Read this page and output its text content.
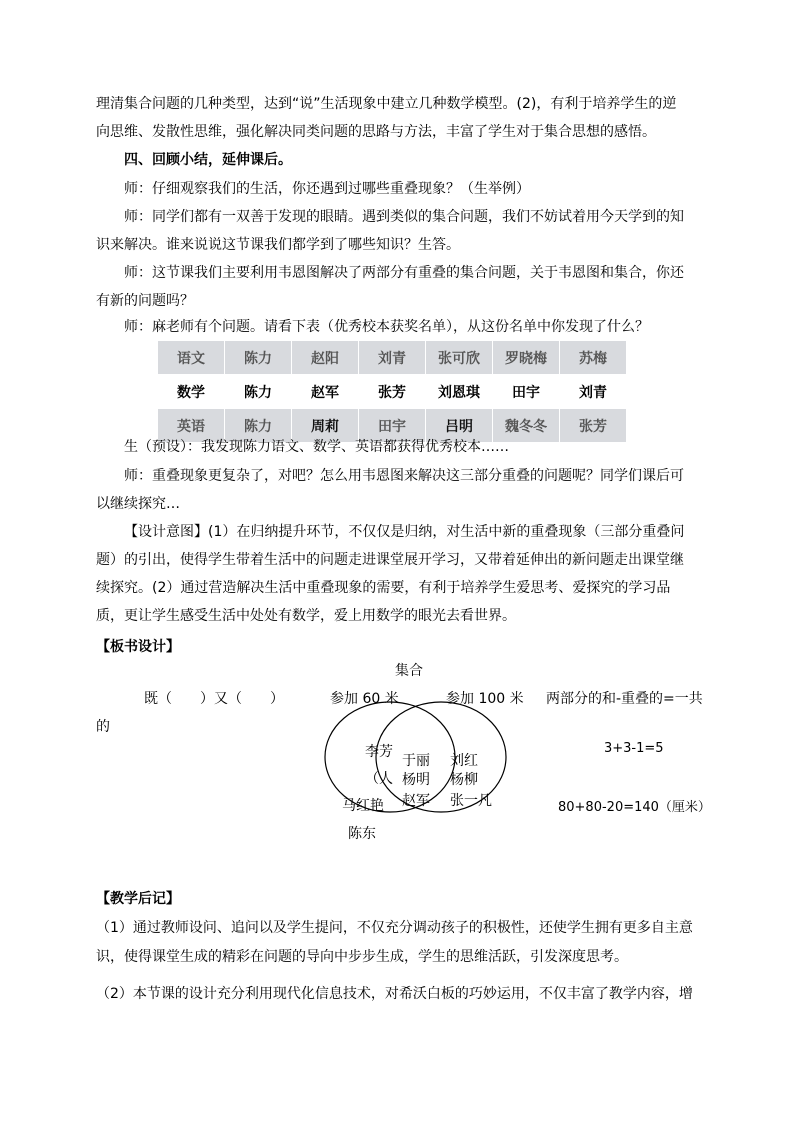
理清集合问题的几种类型，达到“说”生活现象中建立几种数学模型。(2)，有利于培养学生的逆

向思维、发散性思维，强化解决同类问题的思路与方法，丰富了学生对于集合思想的感悟。

四、回顾小结，延伸课后。

师：仔细观察我们的生活，你还遇到过哪些重叠现象？（生举例）

师：同学们都有一双善于发现的眼睛。遇到类似的集合问题，我们不妨试着用今天学到的知

识来解决。谁来说说这节课我们都学到了哪些知识？生答。

师：这节课我们主要利用韦恩图解决了两部分有重叠的集合问题，关于韦恩图和集合，你还

有新的问题吗？

师：麻老师有个问题。请看下表（优秀校本获奖名单），从这份名单中你发现了什么？

语文	陈力	赵阳	刘青	张可欣	罗晓梅	苏梅
数学	陈力	赵军	张芳	刘恩琪	田宇	刘青
英语	陈力	周莉	田宇	吕明	魏冬冬	张芳

生（预设）：我发现陈力语文、数学、英语都获得优秀校本……

师：重叠现象更复杂了，对吧？怎么用韦恩图来解决这三部分重叠的问题呢？同学们课后可

以继续探究…

【设计意图】(1）在归纳提升环节，不仅仅是归纳，对生活中新的重叠现象（三部分重叠问

题）的引出，使得学生带着生活中的问题走进课堂展开学习，又带着延伸出的新问题走出课堂继

续探究。(2）通过营造解决生活中重叠现象的需要，有利于培养学生爱思考、爱探究的学习品

质，更让学生感受生活中处处有数学，爱上用数学的眼光去看世界。

【板书设计】
集合
既（　　）又（　　）	参加 60 米	参加 100 米 两部分的和-重叠的=一共
的
李芳
（人
于丽
杨明
赵军
刘红
杨柳
张一凡
马红艳
陈东
3+3-1=5
80+80-20=140（厘米）
【教学后记】

（1）通过教师设问、追问以及学生提问，不仅充分调动孩子的积极性，还使学生拥有更多自主意

识，使得课堂生成的精彩在问题的导向中步步生成，学生的思维活跃，引发深度思考。

（2）本节课的设计充分利用现代化信息技术，对希沃白板的巧妙运用，不仅丰富了教学内容，增
